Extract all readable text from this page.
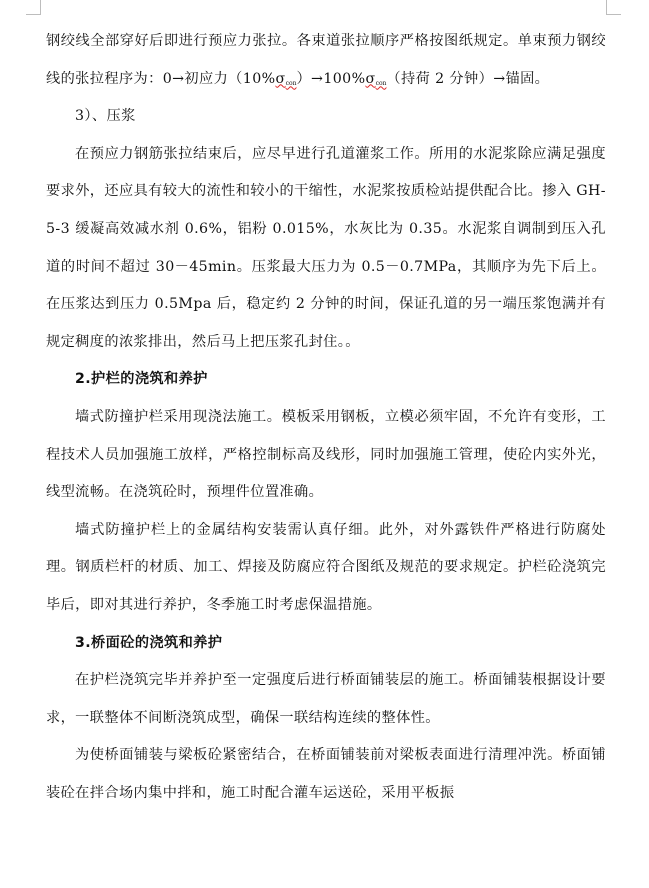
钢绞线全部穿好后即进行预应力张拉。各束道张拉顺序严格按图纸规定。单束预力钢绞线的张拉程序为：0→初应力（10%σcon）→100%σcon（持荷 2 分钟）→锚固。

3）、压浆

在预应力钢筋张拉结束后，应尽早进行孔道灌浆工作。所用的水泥浆除应满足强度要求外，还应具有较大的流性和较小的干缩性，水泥浆按质检站提供配合比。掺入 GH-5-3 缓凝高效减水剂 0.6%，铝粉 0.015%，水灰比为 0.35。水泥浆自调制到压入孔道的时间不超过 30－45min。压浆最大压力为 0.5－0.7MPa，其顺序为先下后上。在压浆达到压力 0.5Mpa 后，稳定约 2 分钟的时间，保证孔道的另一端压浆饱满并有规定稠度的浓浆排出，然后马上把压浆孔封住。。

2.护栏的浇筑和养护

墙式防撞护栏采用现浇法施工。模板采用钢板，立模必须牢固，不允许有变形，工程技术人员加强施工放样，严格控制标高及线形，同时加强施工管理，使砼内实外光，线型流畅。在浇筑砼时，预埋件位置准确。

墙式防撞护栏上的金属结构安装需认真仔细。此外，对外露铁件严格进行防腐处理。钢质栏杆的材质、加工、焊接及防腐应符合图纸及规范的要求规定。护栏砼浇筑完毕后，即对其进行养护，冬季施工时考虑保温措施。

3.桥面砼的浇筑和养护

在护栏浇筑完毕并养护至一定强度后进行桥面铺装层的施工。桥面铺装根据设计要求，一联整体不间断浇筑成型，确保一联结构连续的整体性。

为使桥面铺装与梁板砼紧密结合，在桥面铺装前对梁板表面进行清理冲洗。桥面铺装砼在拌合场内集中拌和，施工时配合灌车运送砼，采用平板振
